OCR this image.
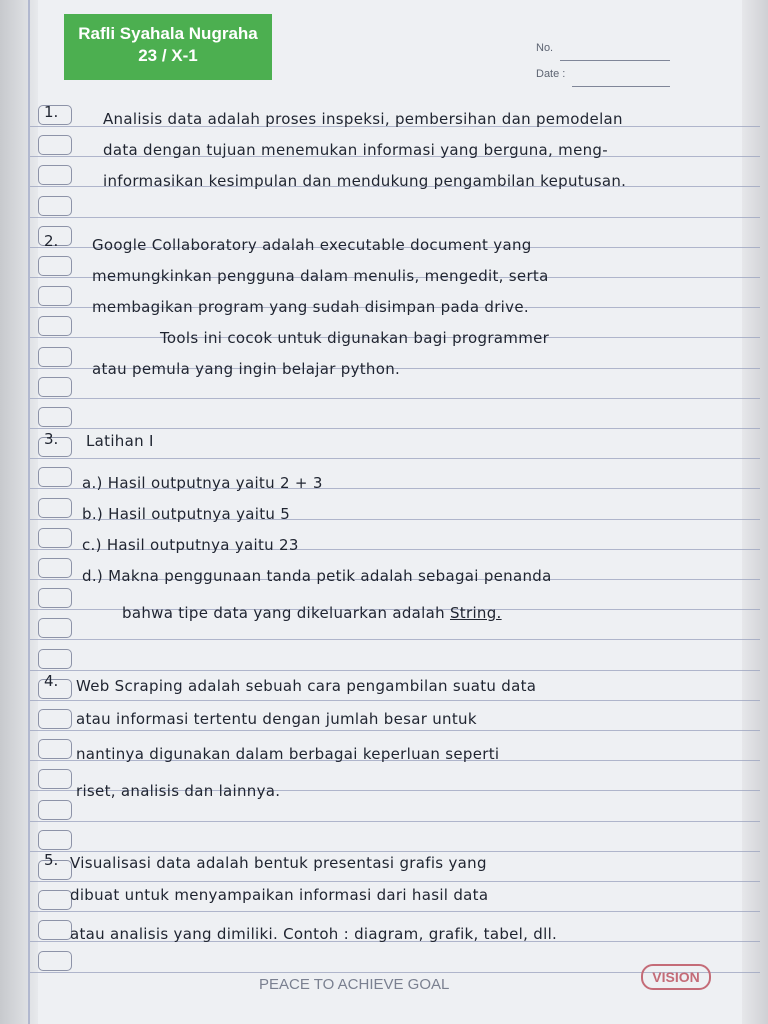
Rafli Syahala Nugraha
23 / X-1	No.
Date :
1.	Analisis data adalah proses inspeksi, pembersihan dan pemodelan
data dengan tujuan menemukan informasi yang berguna, meng-
informasikan kesimpulan dan mendukung pengambilan keputusan.
2. Google Collaboratory adalah executable document yang
memungkinkan pengguna dalam menulis, mengedit, serta
membagikan program yang sudah disimpan pada drive.
Tools ini cocok untuk digunakan bagi programmer
atau pemula yang ingin belajar python.
3. Latihan I
a.) Hasil outputnya yaitu 2 + 3
b.) Hasil outputnya yaitu 5
c.) Hasil outputnya yaitu 23
d.) Makna penggunaan tanda petik adalah sebagai penanda
bahwa tipe data yang dikeluarkan adalah String.
4. Web Scraping adalah sebuah cara pengambilan suatu data
atau informasi tertentu dengan jumlah besar untuk
nantinya digunakan dalam berbagai keperluan seperti
riset, analisis dan lainnya.
5. Visualisasi data adalah bentuk presentasi grafis yang
dibuat untuk menyampaikan informasi dari hasil data
atau analisis yang dimiliki. Contoh : diagram, grafik, tabel, dll.
PEACE TO ACHIEVE GOAL	VISION
